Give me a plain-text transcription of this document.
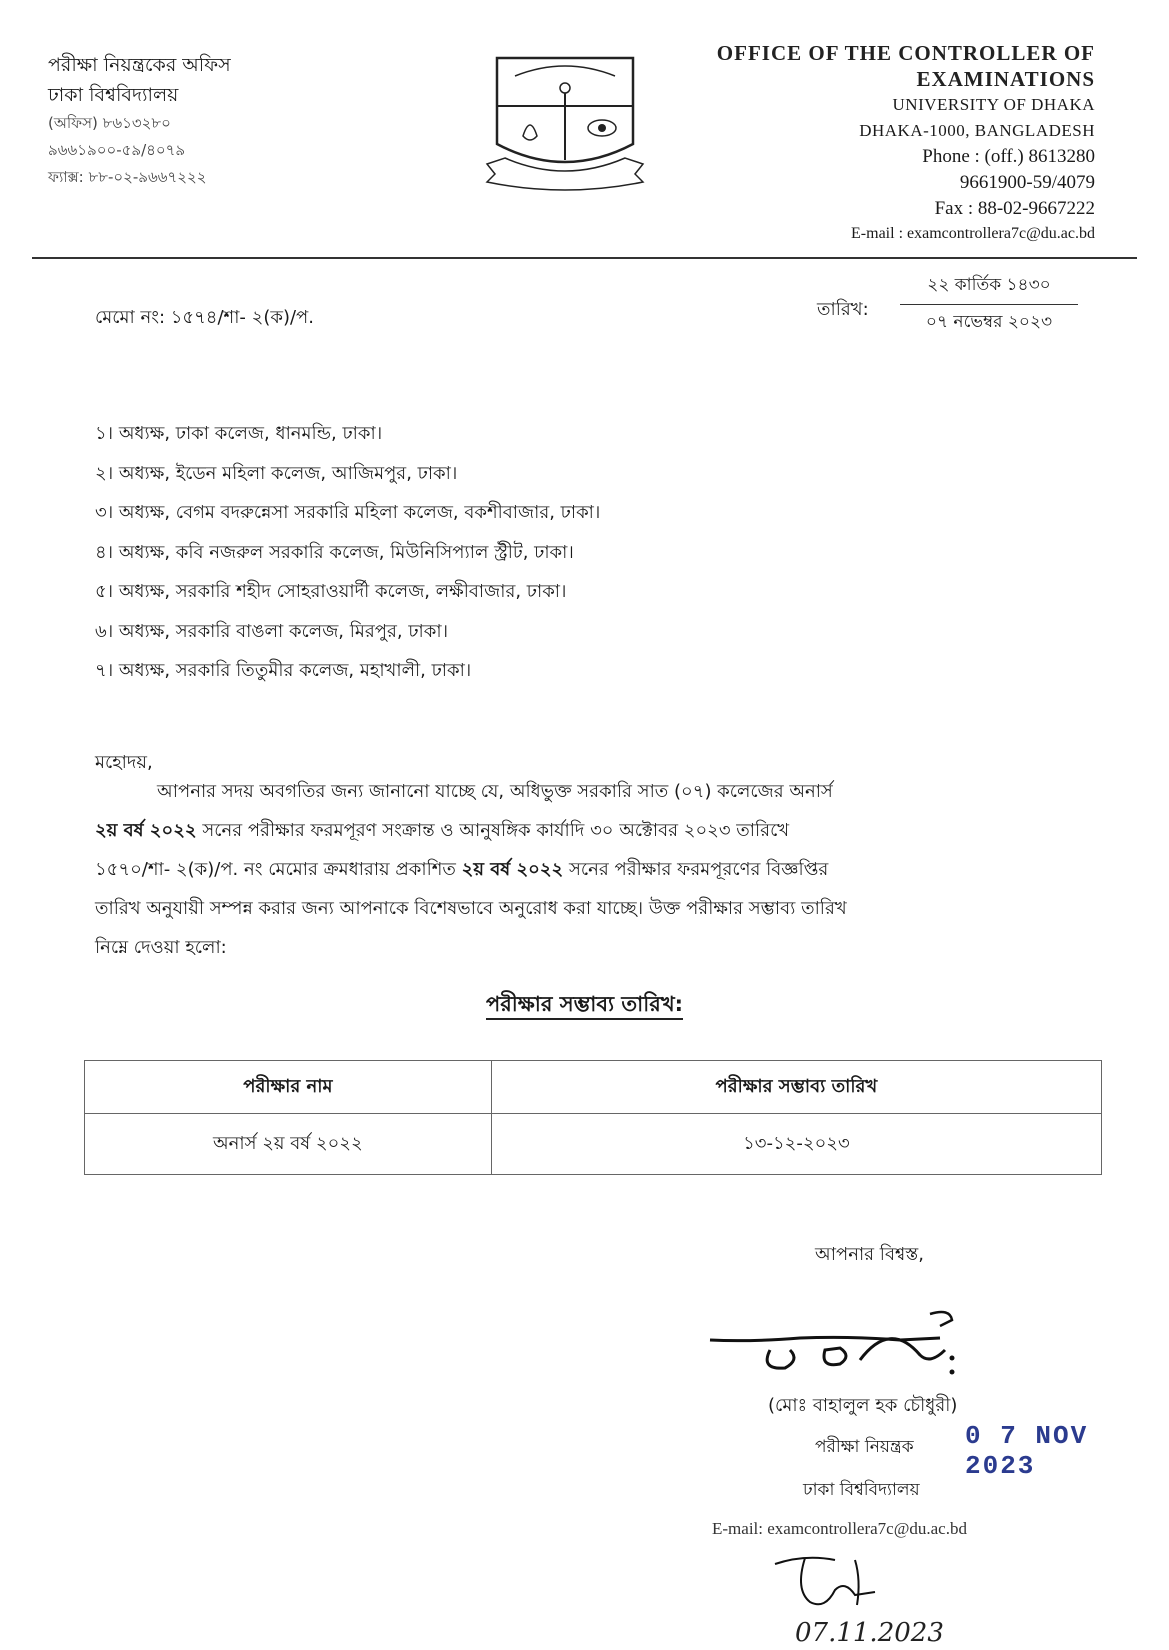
পরীক্ষা নিয়ন্ত্রকের অফিস
ঢাকা বিশ্ববিদ্যালয়
(অফিস) ৮৬১৩২৮০
৯৬৬১৯০০-৫৯/৪০৭৯
ফ্যাক্স: ৮৮-০২-৯৬৬৭২২২
OFFICE OF THE CONTROLLER OF
EXAMINATIONS
UNIVERSITY OF DHAKA
DHAKA-1000, BANGLADESH
Phone : (off.) 8613280
9661900-59/4079
Fax : 88-02-9667222
E-mail : examcontrollera7c@du.ac.bd
মেমো নং: ১৫৭৪/শা- ২(ক)/প.	তারিখ:
২২ কার্তিক ১৪৩০
০৭ নভেম্বর ২০২৩
১। অধ্যক্ষ, ঢাকা কলেজ, ধানমন্ডি, ঢাকা।
২। অধ্যক্ষ, ইডেন মহিলা কলেজ, আজিমপুর, ঢাকা।
৩। অধ্যক্ষ, বেগম বদরুন্নেসা সরকারি মহিলা কলেজ, বকশীবাজার, ঢাকা।
৪। অধ্যক্ষ, কবি নজরুল সরকারি কলেজ, মিউনিসিপ্যাল স্ট্রীট, ঢাকা।
৫। অধ্যক্ষ, সরকারি শহীদ সোহরাওয়ার্দী কলেজ, লক্ষীবাজার, ঢাকা।
৬। অধ্যক্ষ, সরকারি বাঙলা কলেজ, মিরপুর, ঢাকা।
৭। অধ্যক্ষ, সরকারি তিতুমীর কলেজ, মহাখালী, ঢাকা।
মহোদয়,
আপনার সদয় অবগতির জন্য জানানো যাচ্ছে যে, অধিভুক্ত সরকারি সাত (০৭) কলেজের অনার্স
২য় বর্ষ ২০২২ সনের পরীক্ষার ফরমপূরণ সংক্রান্ত ও আনুষঙ্গিক কার্যাদি ৩০ অক্টোবর ২০২৩ তারিখে
১৫৭০/শা- ২(ক)/প. নং মেমোর ক্রমধারায় প্রকাশিত ২য় বর্ষ ২০২২ সনের পরীক্ষার ফরমপূরণের বিজ্ঞপ্তির
তারিখ অনুযায়ী সম্পন্ন করার জন্য আপনাকে বিশেষভাবে অনুরোধ করা যাচ্ছে। উক্ত পরীক্ষার সম্ভাব্য তারিখ
নিম্নে দেওয়া হলো:
পরীক্ষার সম্ভাব্য তারিখ:
পরীক্ষার নাম	পরীক্ষার সম্ভাব্য তারিখ
অনার্স ২য় বর্ষ ২০২২	১৩-১২-২০২৩
আপনার বিশ্বস্ত,
(মোঃ বাহালুল হক চৌধুরী)
পরীক্ষা নিয়ন্ত্রক 0 7 NOV 2023
ঢাকা বিশ্ববিদ্যালয়
E-mail: examcontrollera7c@du.ac.bd
07.11.2023
